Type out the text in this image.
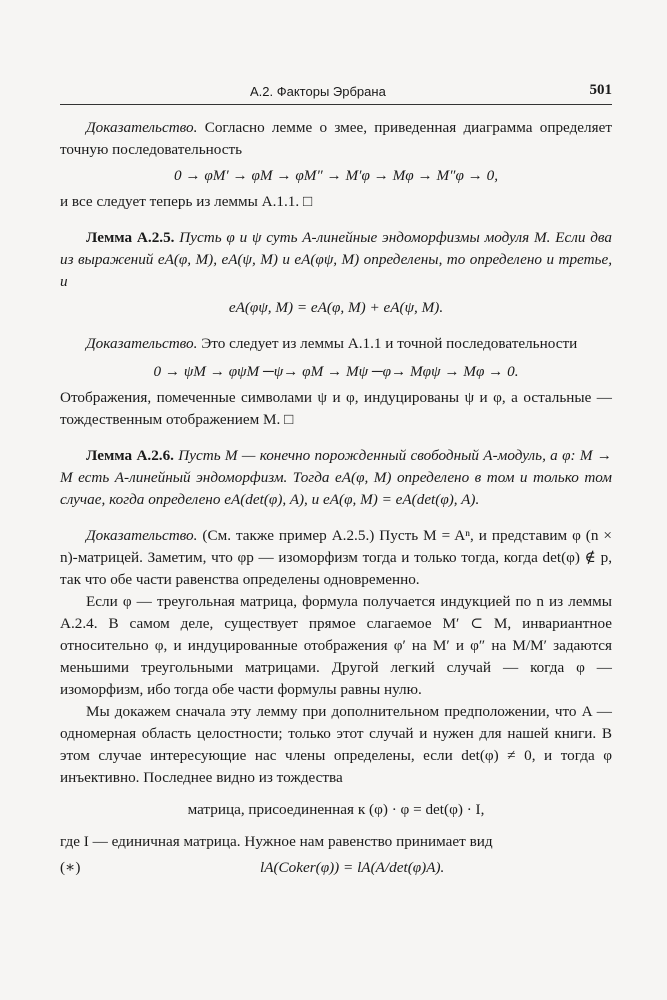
A.2. Факторы Эрбрана	501

Доказательство. Согласно лемме о змее, приведенная диаграмма определяет точную последовательность

0 → φM′ → φM → φM″ → M′φ → Mφ → M″φ → 0,

и все следует теперь из леммы A.1.1. □

Лемма A.2.5. Пусть φ и ψ суть A-линейные эндоморфизмы модуля M. Если два из выражений eA(φ, M), eA(ψ, M) и eA(φψ, M) определены, то определено и третье, и

eA(φψ, M) = eA(φ, M) + eA(ψ, M).

Доказательство. Это следует из леммы A.1.1 и точной последовательности

0 → ψM → φψM ─ψ→ φM → Mψ ─φ→ Mφψ → Mφ → 0.

Отображения, помеченные символами ψ и φ, индуцированы ψ и φ, а остальные — тождественным отображением M. □

Лемма A.2.6. Пусть M — конечно порожденный свободный A-модуль, а φ: M → M есть A-линейный эндоморфизм. Тогда eA(φ, M) определено в том и только том случае, когда определено eA(det(φ), A), и eA(φ, M) = eA(det(φ), A).

Доказательство. (См. также пример A.2.5.) Пусть M = Aⁿ, и представим φ (n × n)-матрицей. Заметим, что φp — изоморфизм тогда и только тогда, когда det(φ) ∉ p, так что обе части равенства определены одновременно.

Если φ — треугольная матрица, формула получается индукцией по n из леммы A.2.4. В самом деле, существует прямое слагаемое M′ ⊂ M, инвариантное относительно φ, и индуцированные отображения φ′ на M′ и φ″ на M/M′ задаются меньшими треугольными матрицами. Другой легкий случай — когда φ — изоморфизм, ибо тогда обе части формулы равны нулю.

Мы докажем сначала эту лемму при дополнительном предположении, что A — одномерная область целостности; только этот случай и нужен для нашей книги. В этом случае интересующие нас члены определены, если det(φ) ≠ 0, и тогда φ инъективно. Последнее видно из тождества

матрица, присоединенная к (φ) · φ = det(φ) · I,

где I — единичная матрица. Нужное нам равенство принимает вид

(∗)	lA(Coker(φ)) = lA(A/det(φ)A).
